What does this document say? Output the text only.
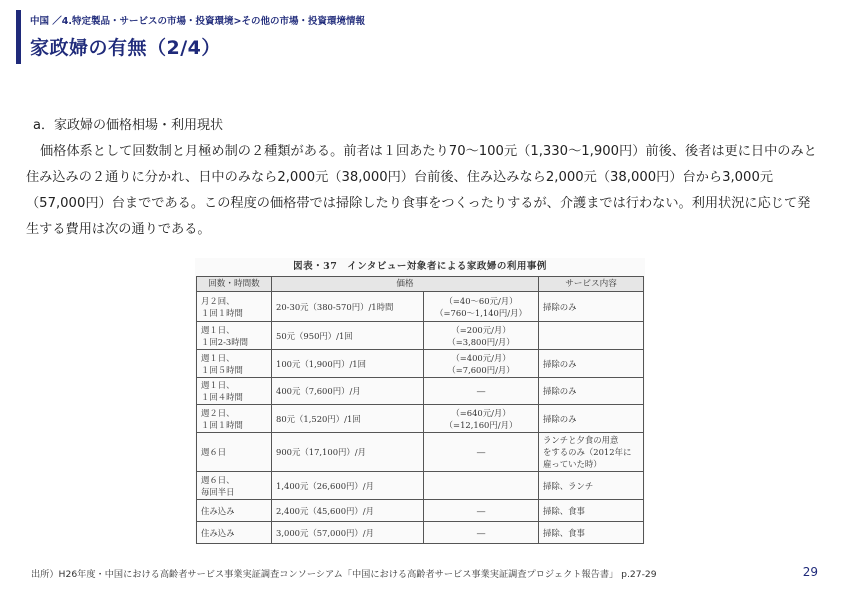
中国 ／4.特定製品・サービスの市場・投資環境>その他の市場・投資環境情報
家政婦の有無（2/4）
a．家政婦の価格相場・利用現状
価格体系として回数制と月極め制の２種類がある。前者は１回あたり70～100元（1,330～1,900円）前後、後者は更に日中のみと住み込みの２通りに分かれ、日中のみなら2,000元（38,000円）台前後、住み込みなら2,000元（38,000円）台から3,000元（57,000円）台までである。この程度の価格帯では掃除したり食事をつくったりするが、介護までは行わない。利用状況に応じて発生する費用は次の通りである。
図表・37　インタビュー対象者による家政婦の利用事例
回数・時間数	価格		サービス内容

月２回、
１回１時間	20-30元（380-570円）/1時間	（=40～60元/月）
（=760～1,140円/月）	掃除のみ

週１日、
１回2-3時間	50元（950円）/1回	（=200元/月）
（=3,800円/月）	

週１日、
１回５時間	100元（1,900円）/1回	（=400元/月）
（=7,600円/月）	掃除のみ

週１日、
１回４時間	400元（7,600円）/月	―	掃除のみ

週２日、
１回１時間	80元（1,520円）/1回	（=640元/月）
（=12,160円/月）	掃除のみ

週６日	900元（17,100円）/月	―	ランチと夕食の用意
をするのみ（2012年に
雇っていた時）

週６日、
毎回半日	1,400元（26,600円）/月		掃除、ランチ

住み込み	2,400元（45,600円）/月	―	掃除、食事

住み込み	3,000元（57,000円）/月	―	掃除、食事
出所）H26年度・中国における高齢者サービス事業実証調査コンソーシアム「中国における高齢者サービス事業実証調査プロジェクト報告書」 p.27-29	29
